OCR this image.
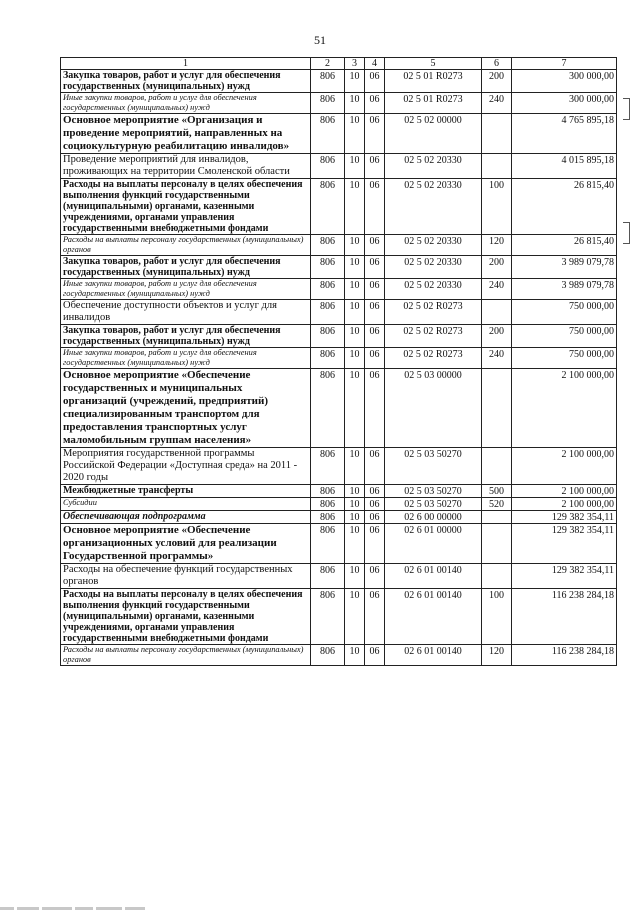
51
1	2	3	4	5	6	7
Закупка товаров, работ и услуг для обеспечения государственных (муниципальных) нужд	806	10	06	02 5 01 R0273	200	300 000,00
Иные закупки товаров, работ и услуг для обеспечения государственных (муниципальных) нужд	806	10	06	02 5 01 R0273	240	300 000,00
Основное мероприятие «Организация и проведение мероприятий, направленных на социокультурную реабилитацию инвалидов»	806	10	06	02 5 02 00000		4 765 895,18
Проведение мероприятий для инвалидов, проживающих на территории Смоленской области	806	10	06	02 5 02 20330		4 015 895,18
Расходы на выплаты персоналу в целях обеспечения выполнения функций государственными (муниципальными) органами, казенными учреждениями, органами управления государственными внебюджетными фондами	806	10	06	02 5 02 20330	100	26 815,40
Расходы на выплаты персоналу государственных (муниципальных) органов	806	10	06	02 5 02 20330	120	26 815,40
Закупка товаров, работ и услуг для обеспечения государственных (муниципальных) нужд	806	10	06	02 5 02 20330	200	3 989 079,78
Иные закупки товаров, работ и услуг для обеспечения государственных (муниципальных) нужд	806	10	06	02 5 02 20330	240	3 989 079,78
Обеспечение доступности объектов и услуг для инвалидов	806	10	06	02 5 02 R0273		750 000,00
Закупка товаров, работ и услуг для обеспечения государственных (муниципальных) нужд	806	10	06	02 5 02 R0273	200	750 000,00
Иные закупки товаров, работ и услуг для обеспечения государственных (муниципальных) нужд	806	10	06	02 5 02 R0273	240	750 000,00
Основное мероприятие «Обеспечение государственных и муниципальных организаций (учреждений, предприятий) специализированным транспортом для предоставления транспортных услуг маломобильным группам населения»	806	10	06	02 5 03 00000		2 100 000,00
Мероприятия государственной программы Российской Федерации «Доступная среда» на 2011 - 2020 годы	806	10	06	02 5 03 50270		2 100 000,00
Межбюджетные трансферты	806	10	06	02 5 03 50270	500	2 100 000,00
Субсидии	806	10	06	02 5 03 50270	520	2 100 000,00
Обеспечивающая подпрограмма	806	10	06	02 6 00 00000		129 382 354,11
Основное мероприятие «Обеспечение организационных условий для реализации Государственной программы»	806	10	06	02 6 01 00000		129 382 354,11
Расходы на обеспечение функций государственных органов	806	10	06	02 6 01 00140		129 382 354,11
Расходы на выплаты персоналу в целях обеспечения выполнения функций государственными (муниципальными) органами, казенными учреждениями, органами управления государственными внебюджетными фондами	806	10	06	02 6 01 00140	100	116 238 284,18
Расходы на выплаты персоналу государственных (муниципальных) органов	806	10	06	02 6 01 00140	120	116 238 284,18
